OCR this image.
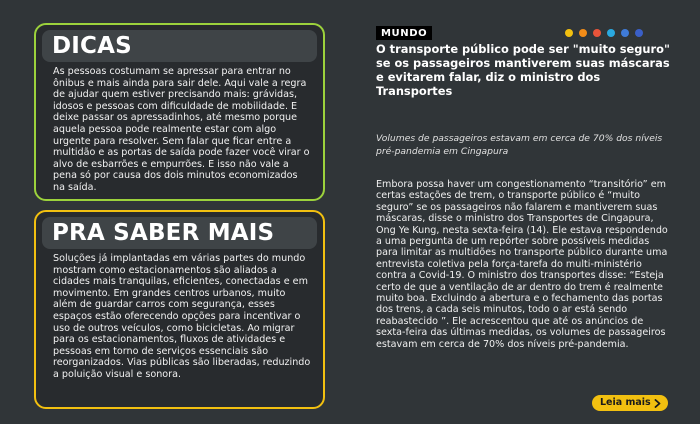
DICAS
As pessoas costumam se apressar para entrar no ônibus e mais ainda para sair dele. Aqui vale a regra de ajudar quem estiver precisando mais: grávidas, idosos e pessoas com dificuldade de mobilidade. E deixe passar os apressadinhos, até mesmo porque aquela pessoa pode realmente estar com algo urgente para resolver. Sem falar que ficar entre a multidão e as portas de saída pode fazer você virar o alvo de esbarrões e empurrões. E isso não vale a pena só por causa dos dois minutos economizados na saída.
PRA SABER MAIS
Soluções já implantadas em várias partes do mundo mostram como estacionamentos são aliados a cidades mais tranquilas, eficientes, conectadas e em movimento. Em grandes centros urbanos, muito além de guardar carros com segurança, esses espaços estão oferecendo opções para incentivar o uso de outros veículos, como bicicletas. Ao migrar para os estacionamentos, fluxos de atividades e pessoas em torno de serviços essenciais são reorganizados. Vias públicas são liberadas, reduzindo a poluição visual e sonora.
MUNDO
O transporte público pode ser "muito seguro" se os passageiros mantiverem suas máscaras e evitarem falar, diz o ministro dos Transportes
Volumes de passageiros estavam em cerca de 70% dos níveis pré-pandemia em Cingapura
Embora possa haver um congestionamento “transitório” em certas estações de trem, o transporte público é “muito seguro” se os passageiros não falarem e mantiverem suas máscaras, disse o ministro dos Transportes de Cingapura, Ong Ye Kung, nesta sexta-feira (14). Ele estava respondendo a uma pergunta de um repórter sobre possíveis medidas para limitar as multidões no transporte público durante uma entrevista coletiva pela força-tarefa do multi-ministério contra a Covid-19. O ministro dos transportes disse: “Esteja certo de que a ventilação de ar dentro do trem é realmente muito boa. Excluindo a abertura e o fechamento das portas dos trens, a cada seis minutos, todo o ar está sendo reabastecido ”. Ele acrescentou que até os anúncios de sexta-feira das últimas medidas, os volumes de passageiros estavam em cerca de 70% dos níveis pré-pandemia.
Leia mais
